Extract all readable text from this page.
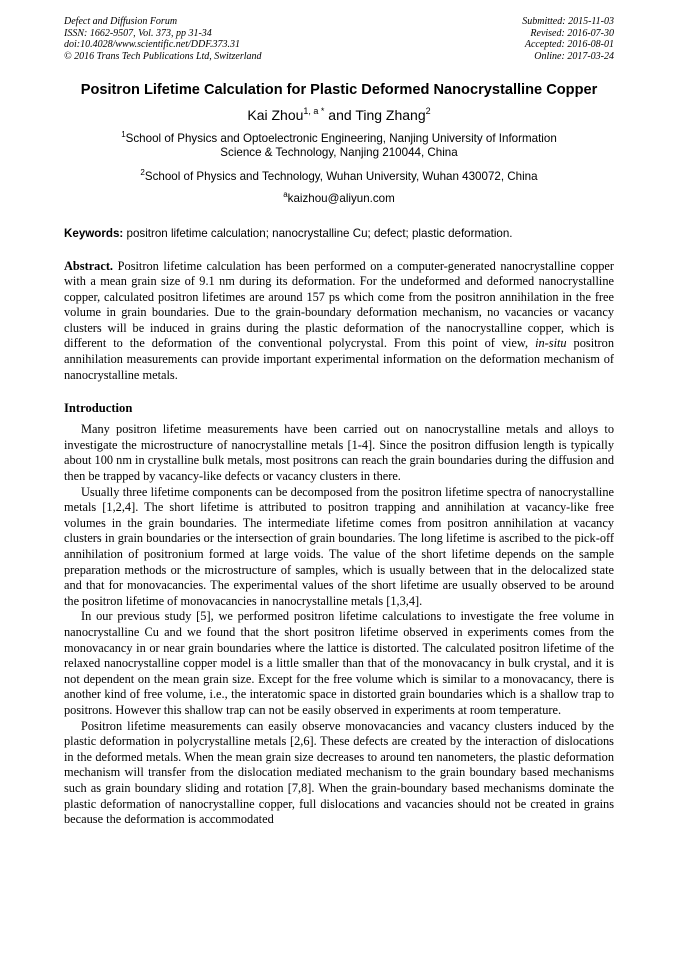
Defect and Diffusion Forum
ISSN: 1662-9507, Vol. 373, pp 31-34
doi:10.4028/www.scientific.net/DDF.373.31
© 2016 Trans Tech Publications Ltd, Switzerland
Submitted: 2015-11-03
Revised: 2016-07-30
Accepted: 2016-08-01
Online: 2017-03-24
Positron Lifetime Calculation for Plastic Deformed Nanocrystalline Copper
Kai Zhou$^{1, a *}$ and Ting Zhang$^2$
$^1$School of Physics and Optoelectronic Engineering, Nanjing University of Information
Science & Technology, Nanjing 210044, China
$^2$School of Physics and Technology, Wuhan University, Wuhan 430072, China
$^a$kaizhou@aliyun.com
Keywords: positron lifetime calculation; nanocrystalline Cu; defect; plastic deformation.
Abstract. Positron lifetime calculation has been performed on a computer-generated nanocrystalline copper with a mean grain size of 9.1 nm during its deformation. For the undeformed and deformed nanocrystalline copper, calculated positron lifetimes are around 157 ps which come from the positron annihilation in the free volume in grain boundaries. Due to the grain-boundary deformation mechanism, no vacancies or vacancy clusters will be induced in grains during the plastic deformation of the nanocrystalline copper, which is different to the deformation of the conventional polycrystal. From this point of view, in-situ positron annihilation measurements can provide important experimental information on the deformation mechanism of nanocrystalline metals.
Introduction

Many positron lifetime measurements have been carried out on nanocrystalline metals and alloys to investigate the microstructure of nanocrystalline metals [1-4]. Since the positron diffusion length is typically about 100 nm in crystalline bulk metals, most positrons can reach the grain boundaries during the diffusion and then be trapped by vacancy-like defects or vacancy clusters in there.

Usually three lifetime components can be decomposed from the positron lifetime spectra of nanocrystalline metals [1,2,4]. The short lifetime is attributed to positron trapping and annihilation at vacancy-like free volumes in the grain boundaries. The intermediate lifetime comes from positron annihilation at vacancy clusters in grain boundaries or the intersection of grain boundaries. The long lifetime is ascribed to the pick-off annihilation of positronium formed at large voids. The value of the short lifetime depends on the sample preparation methods or the microstructure of samples, which is usually between that in the delocalized state and that for monovacancies. The experimental values of the short lifetime are usually observed to be around the positron lifetime of monovacancies in nanocrystalline metals [1,3,4].

In our previous study [5], we performed positron lifetime calculations to investigate the free volume in nanocrystalline Cu and we found that the short positron lifetime observed in experiments comes from the monovacancy in or near grain boundaries where the lattice is distorted. The calculated positron lifetime of the relaxed nanocrystalline copper model is a little smaller than that of the monovacancy in bulk crystal, and it is not dependent on the mean grain size. Except for the free volume which is similar to a monovacancy, there is another kind of free volume, i.e., the interatomic space in distorted grain boundaries which is a shallow trap to positrons. However this shallow trap can not be easily observed in experiments at room temperature.

Positron lifetime measurements can easily observe monovacancies and vacancy clusters induced by the plastic deformation in polycrystalline metals [2,6]. These defects are created by the interaction of dislocations in the deformed metals. When the mean grain size decreases to around ten nanometers, the plastic deformation mechanism will transfer from the dislocation mediated mechanism to the grain boundary based mechanisms such as grain boundary sliding and rotation [7,8]. When the grain-boundary based mechanisms dominate the plastic deformation of nanocrystalline copper, full dislocations and vacancies should not be created in grains because the deformation is accommodated
